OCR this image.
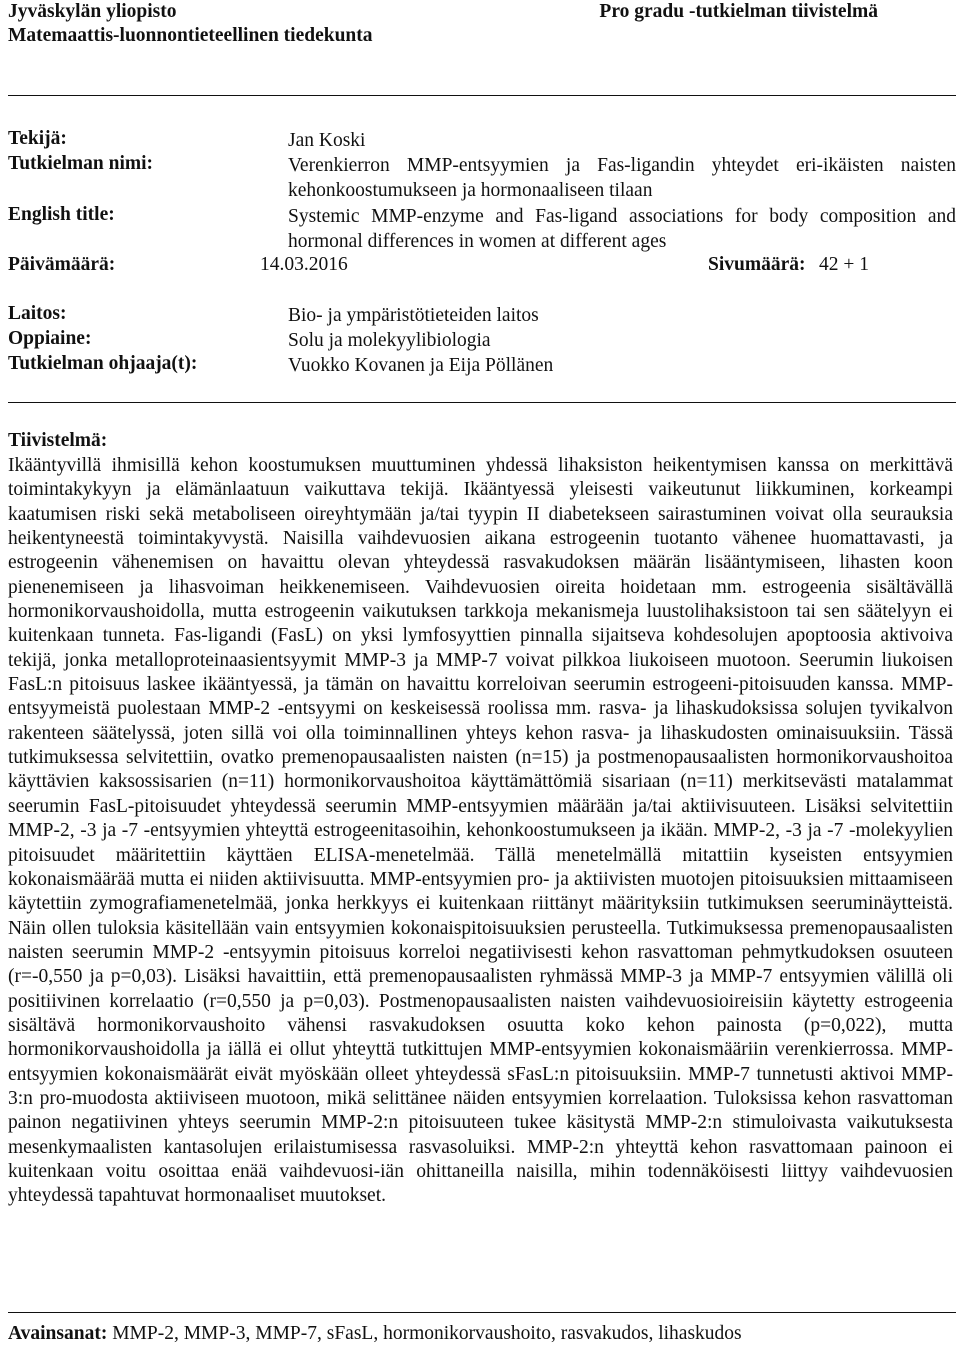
Jyväskylän yliopisto
Matemaattis-luonnontieteellinen tiedekunta
Pro gradu -tutkielman tiivistelmä
Tekijä:	Jan Koski
Tutkielman nimi:	Verenkierron MMP-entsyymien ja Fas-ligandin yhteydet eri-ikäisten naisten kehonkoostumukseen ja hormonaaliseen tilaan
English title:	Systemic MMP-enzyme and Fas-ligand associations for body composition and hormonal differences in women at different ages
Päivämäärä:	14.03.2016	Sivumäärä: 42 + 1
Laitos:	Bio- ja ympäristötieteiden laitos
Oppiaine:	Solu ja molekyylibiologia
Tutkielman ohjaaja(t):	Vuokko Kovanen ja Eija Pöllänen
Tiivistelmä:
Ikääntyvillä ihmisillä kehon koostumuksen muuttuminen yhdessä lihaksiston heikentymisen kanssa on merkittävä toimintakykyyn ja elämänlaatuun vaikuttava tekijä. Ikääntyessä yleisesti vaikeutunut liikkuminen, korkeampi kaatumisen riski sekä metaboliseen oireyhtymään ja/tai tyypin II diabetekseen sairastuminen voivat olla seurauksia heikentyneestä toimintakyvystä. Naisilla vaihdevuosien aikana estrogeenin tuotanto vähenee huomattavasti, ja estrogeenin vähenemisen on havaittu olevan yhteydessä rasvakudoksen määrän lisääntymiseen, lihasten koon pienenemiseen ja lihasvoiman heikkenemiseen. Vaihdevuosien oireita hoidetaan mm. estrogeenia sisältävällä hormonikorvaushoidolla, mutta estrogeenin vaikutuksen tarkkoja mekanismeja luustolihaksistoon tai sen säätelyyn ei kuitenkaan tunneta. Fas-ligandi (FasL) on yksi lymfosyyttien pinnalla sijaitseva kohdesolujen apoptoosia aktivoiva tekijä, jonka metalloproteinaasientsyymit MMP-3 ja MMP-7 voivat pilkkoa liukoiseen muotoon. Seerumin liukoisen FasL:n pitoisuus laskee ikääntyessä, ja tämän on havaittu korreloivan seerumin estrogeeni-pitoisuuden kanssa. MMP-entsyymeistä puolestaan MMP-2 -entsyymi on keskeisessä roolissa mm. rasva- ja lihaskudoksissa solujen tyvikalvon rakenteen säätelyssä, joten sillä voi olla toiminnallinen yhteys kehon rasva- ja lihaskudosten ominaisuuksiin. Tässä tutkimuksessa selvitettiin, ovatko premenopausaalisten naisten (n=15) ja postmenopausaalisten hormonikorvaushoitoa käyttävien kaksossisarien (n=11) hormonikorvaushoitoa käyttämättömiä sisariaan (n=11) merkitsevästi matalammat seerumin FasL-pitoisuudet yhteydessä seerumin MMP-entsyymien määrään ja/tai aktiivisuuteen. Lisäksi selvitettiin MMP-2, -3 ja -7 -entsyymien yhteyttä estrogeenitasoihin, kehonkoostumukseen ja ikään. MMP-2, -3 ja -7 -molekyylien pitoisuudet määritettiin käyttäen ELISA-menetelmää. Tällä menetelmällä mitattiin kyseisten entsyymien kokonaismäärää mutta ei niiden aktiivisuutta. MMP-entsyymien pro- ja aktiivisten muotojen pitoisuuksien mittaamiseen käytettiin zymografiamenetelmää, jonka herkkyys ei kuitenkaan riittänyt määrityksiin tutkimuksen seeruminäytteistä. Näin ollen tuloksia käsitellään vain entsyymien kokonaispitoisuuksien perusteella. Tutkimuksessa premenopausaalisten naisten seerumin MMP-2 -entsyymin pitoisuus korreloi negatiivisesti kehon rasvattoman pehmytkudoksen osuuteen (r=-0,550 ja p=0,03). Lisäksi havaittiin, että premenopausaalisten ryhmässä MMP-3 ja MMP-7 entsyymien välillä oli positiivinen korrelaatio (r=0,550 ja p=0,03). Postmenopausaalisten naisten vaihdevuosioireisiin käytetty estrogeenia sisältävä hormonikorvaushoito vähensi rasvakudoksen osuutta koko kehon painosta (p=0,022), mutta hormonikorvaushoidolla ja iällä ei ollut yhteyttä tutkittujen MMP-entsyymien kokonaismääriin verenkierrossa. MMP-entsyymien kokonaismäärät eivät myöskään olleet yhteydessä sFasL:n pitoisuuksiin. MMP-7 tunnetusti aktivoi MMP-3:n pro-muodosta aktiiviseen muotoon, mikä selittänee näiden entsyymien korrelaation. Tuloksissa kehon rasvattoman painon negatiivinen yhteys seerumin MMP-2:n pitoisuuteen tukee käsitystä MMP-2:n stimuloivasta vaikutuksesta mesenkymaalisten kantasolujen erilaistumisessa rasvasoluiksi. MMP-2:n yhteyttä kehon rasvattomaan painoon ei kuitenkaan voitu osoittaa enää vaihdevuosi-iän ohittaneilla naisilla, mihin todennäköisesti liittyy vaihdevuosien yhteydessä tapahtuvat hormonaaliset muutokset.
Avainsanat: MMP-2, MMP-3, MMP-7, sFasL, hormonikorvaushoito, rasvakudos, lihaskudos
